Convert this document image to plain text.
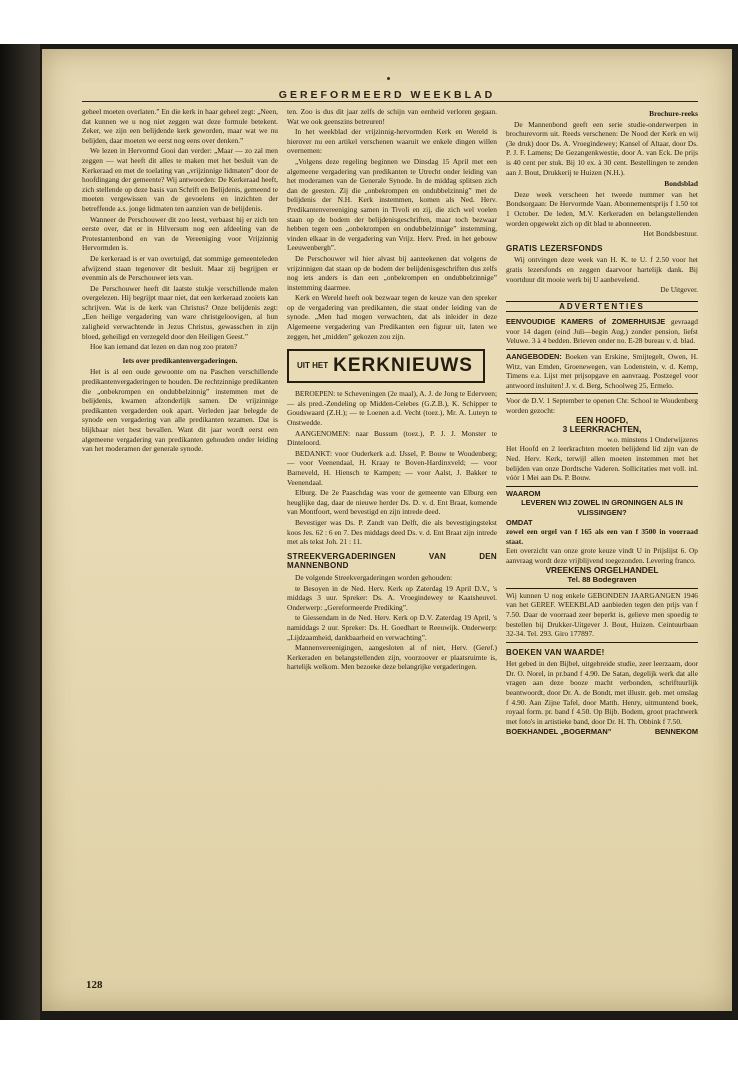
GEREFORMEERD WEEKBLAD

geheel moeten overlaten.” En die kerk in haar geheel zegt: „Neen, dat kunnen we u nog niet zeggen wat deze formule betekent. Zeker, we zijn een belijdende kerk geworden, maar wat we nu belijden, daar moeten we eerst nog eens over denken.”

We lezen in Hervormd Gooi dan verder: „Maar — zo zal men zeggen — wat heeft dit alles te maken met het besluit van de Kerkeraad en met de toelating van „vrijzinnige lidmaten” door de hoofdingang der gemeente? Wij antwoorden: De Kerkeraad heeft, zich stellende op deze basis van Schrift en Belijdenis, gemeend te moeten vergewissen van de gevoelens en inzichten der betreffende a.s. jonge lidmaten ten aanzien van de belijdenis.

Wanneer de Perschouwer dit zoo leest, verbaast hij er zich ten eerste over, dat er in Hilversum nog een afdeeling van de Protestantenbond en van de Vereeniging voor Vrijzinnig Hervormden is.

De kerkeraad is er van overtuigd, dat sommige gemeenteleden afwijzend staan tegenover dit besluit. Maar zij begrijpen er evenmin als de Perschouwer iets van.

De Perschouwer heeft dit laatste stukje verschillende malen overgelezen. Hij begrijpt maar niet, dat een kerkeraad zooiets kan schrijven. Wat is de kerk van Christus? Onze belijdenis zegt: „Een heilige vergadering van ware christgeloovigen, al hun zaligheid verwachtende in Jezus Christus, gewasschen in zijn bloed, geheiligd en verzegeld door den Heiligen Geest.”

Hoe kan iemand dat lezen en dan nog zoo praten?

Iets over predikantenvergaderingen.

Het is al een oude gewoonte om na Paschen verschillende predikantenvergaderingen te houden. De rechtzinnige predikanten die „onbekrompen en ondubbelzinnig” instemmen met de belijdenis, kwamen afzonderlijk samen. De vrijzinnige predikanten vergaderden ook apart. Verleden jaar belegde de synode een vergadering van alle predikanten tezamen. Dat is blijkbaar niet best bevallen. Want dit jaar wordt eerst een algemeene vergadering van predikanten gehouden onder leiding van het moderamen der generale synode.

ten. Zoo is dus dit jaar zelfs de schijn van eenheid verloren gegaan. Wat we ook geenszins betreuren!

In het weekblad der vrijzinnig-hervormden Kerk en Wereld is hierover nu een artikel verschenen waaruit we enkele dingen willen overnemen:

„Volgens deze regeling beginnen we Dinsdag 15 April met een algemeene vergadering van predikanten te Utrecht onder leiding van het moderamen van de Generale Synode. In de middag splitsen zich dan de geesten. Zij die „onbekrompen en ondubbelzinnig” met de belijdenis der N.H. Kerk instemmen, komen als Ned. Herv. Predikantenvereeniging samen in Tivoli en zij, die zich wel voelen staan op de bodem der belijdenisgeschriften, maar toch bezwaar hebben tegen een „onbekrompen en ondubbelzinnige” instemming, vinden elkaar in de vergadering van Vrijz. Herv. Pred. in het gebouw Leeuwenbergh”.

De Perschouwer wil hier alvast bij aanteekenen dat volgens de vrijzinnigen dat staan op de bodem der belijdenisgeschriften dus zelfs nog iets anders is dan een „onbekrompen en ondubbelzinnige” instemming daarmee.

Kerk en Wereld heeft ook bezwaar tegen de keuze van den spreker op de vergadering van predikanten, die staat onder leiding van de synode. „Men had mogen verwachten, dat als inleider in deze Algemeene vergadering van Predikanten een figuur uit, laten we zeggen, het „midden” gekozen zou zijn.

UIT HET KERKNIEUWS

BEROEPEN: te Scheveningen (2e maal), A. J. de Jong te Ederveen; — als pred.-Zendeling op Midden-Celebes (G.Z.B.), K. Schipper te Goudswaard (Z.H.); — te Loenen a.d. Vecht (toez.), Mr. A. Luteyn te Onstwedde.

AANGENOMEN: naar Bussum (toez.), P. J. J. Monster te Dinteloord.

BEDANKT: voor Ouderkerk a.d. IJssel, P. Bouw te Woudenberg; — voor Veenendaal, H. Kraay te Boven-Hardinxveld; — voor Barneveld, H. Hiensch te Kampen; — voor Aalst, J. Bakker te Veenendaal.

Elburg. De 2e Paaschdag was voor de gemeente van Elburg een heuglijke dag, daar de nieuwe herder Ds. D. v. d. Ent Braat, komende van Montfoort, werd bevestigd en zijn intrede deed.

Bevestiger was Ds. P. Zandt van Delft, die als bevestigingstekst koos Jes. 62 : 6 en 7. Des middags deed Ds. v. d. Ent Braat zijn intrede met als tekst Joh. 21 : 11.

STREEKVERGADERINGEN VAN DEN MANNENBOND

De volgende Streekvergaderingen worden gehouden:

te Besoyen in de Ned. Herv. Kerk op Zaterdag 19 April D.V., 's middags 3 uur. Spreker: Ds. A. Vroegindewey te Kaatsheuvel. Onderwerp: „Gereformeerde Prediking”.

te Giessendam in de Ned. Herv. Kerk op D.V. Zaterdag 19 April, 's namiddags 2 uur. Spreker: Ds. H. Goedhart te Reeuwijk. Onderwerp: „Lijdzaamheid, dankbaarheid en verwachting”.

Mannenvereenigingen, aangesloten al of niet, Herv. (Geref.) Kerkeraden en belangstellenden zijn, voorzoover er plaatsruimte is, hartelijk welkom. Men bezoeke deze belangrijke vergaderingen.

Brochure-reeks

De Mannenbond geeft een serie studie-onderwerpen in brochurevorm uit. Reeds verschenen: De Nood der Kerk en wij (3e druk) door Ds. A. Vroegindewey; Kansel of Altaar, door Ds. P. J. F. Lamens; De Gezangenkwestie, door A. van Eck. De prijs is 40 cent per stuk. Bij 10 ex. à 30 cent. Bestellingen te zenden aan J. Bout, Drukkerij te Huizen (N.H.).

Bondsblad

Deze week verscheen het tweede nummer van het Bondsorgaan: De Hervormde Vaan. Abonnementsprijs f 1.50 tot 1 October. De leden, M.V. Kerkeraden en belangstellenden worden opgewekt zich op dit blad te abonneeren.

Het Bondsbestuur.
GRATIS LEZERSFONDS

Wij ontvingen deze week van H. K. te U. f 2.50 voor het gratis lezersfonds en zeggen daarvoor hartelijk dank. Bij voortduur dit mooie werk bij U aanbevelend.

De Uitgever.
ADVERTENTIES
EENVOUDIGE KAMERS of ZOMERHUISJE gevraagd voor 14 dagen (eind Juli—begin Aug.) zonder pension, liefst Veluwe. 3 à 4 bedden. Brieven onder no. E-28 bureau v. d. blad.
AANGEBODEN: Boeken van Erskine, Smijtegelt, Owen, H. Witz, van Emden, Groenewegen, van Lodenstein, v. d. Kemp, Timens e.a. Lijst met prijsopgave en aanvraag. Postzegel voor antwoord insluiten! J. v. d. Berg, Schoolweg 25, Ermelo.
Voor de D.V. 1 September te openen Chr. School te Woudenberg worden gezocht:
EEN HOOFD,
3 LEERKRACHTEN,
w.o. minstens 1 Onderwijzeres
Het Hoofd en 2 leerkrachten moeten belijdend lid zijn van de Ned. Herv. Kerk, terwijl allen moeten instemmen met het belijden van onze Dordtsche Vaderen. Sollicitaties met voll. inl. vóór 1 Mei aan Ds. P. Bouw.
WAAROM
LEVEREN WIJ ZOWEL IN GRONINGEN ALS IN VLISSINGEN?
OMDAT
zowel een orgel van f 165 als een van f 3500 in voorraad staat.
Een overzicht van onze grote keuze vindt U in Prijslijst 6. Op aanvraag wordt deze vrijblijvend toegezonden. Levering franco.
VREEKENS ORGELHANDEL
Tel. 88 Bodegraven
Wij kunnen U nog enkele GEBONDEN JAARGANGEN 1946 van het GEREF. WEEKBLAD aanbieden tegen den prijs van f 7.50. Daar de voorraad zeer beperkt is, gelieve men spoedig te bestellen bij Drukker-Uitgever J. Bout, Huizen. Ceintuurbaan 32-34. Tel. 293. Giro 177897.
BOEKEN VAN WAARDE!

Het gebed in den Bijbel, uitgebreide studie, zeer leerzaam, door Dr. O. Norel, in pr.band f 4.90. De Satan, degelijk werk dat alle vragen aan deze booze macht verbonden, schriftuurlijk beantwoordt, door Dr. A. de Bondt, met illustr. geb. met omslag f 4.90. Aan Zijne Tafel, door Matth. Henry, uitmuntend boek, royaal form. pr. band f 4.50. Op Bijb. Bodem, groot prachtwerk met foto's in artistieke band, door Dr. H. Th. Obbink f 7.50.

BOEKHANDEL „BOGERMAN”	BENNEKOM
128
